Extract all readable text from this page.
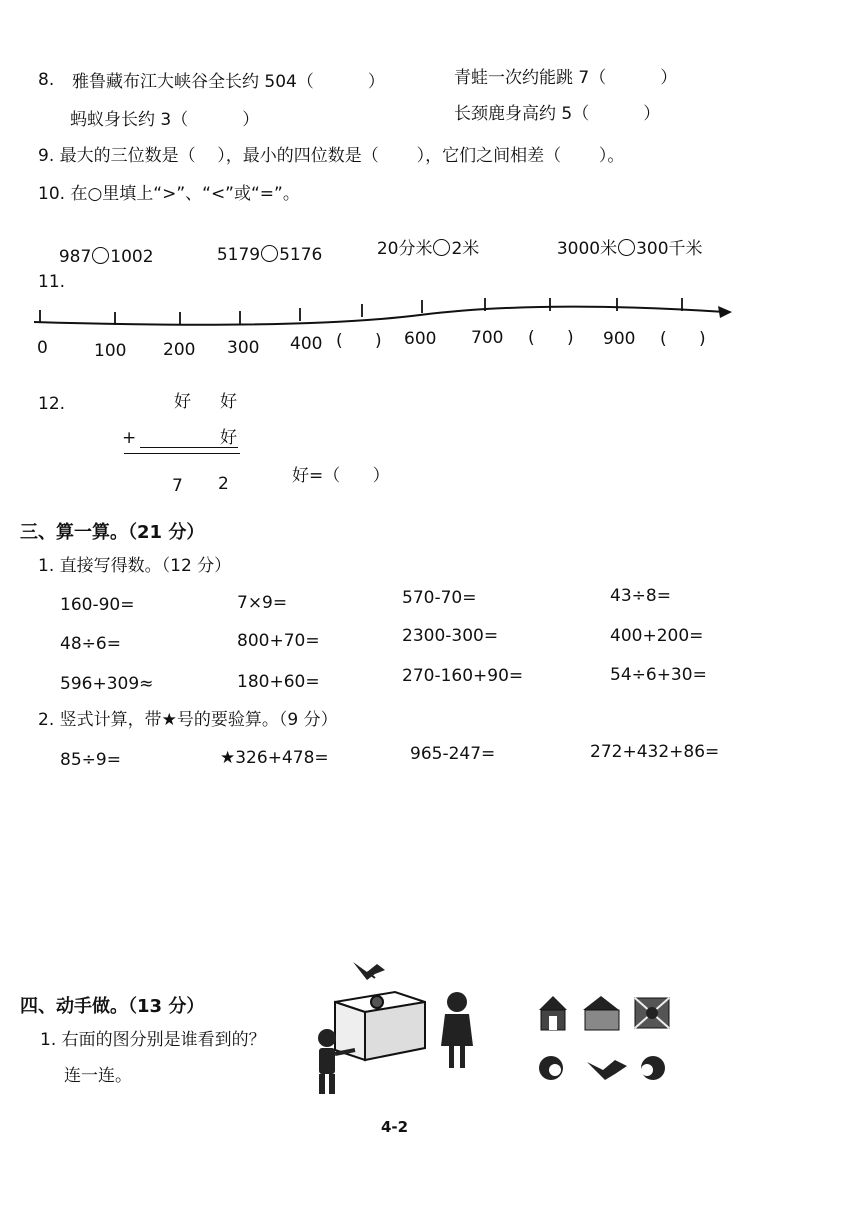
8. 雅鲁藏布江大峡谷全长约 504（          ）	青蛙一次约能跳 7（          ）
蚂蚁身长约 3（          ）	长颈鹿身高约 5（          ）
9. 最大的三位数是（    ），最小的四位数是（       ），它们之间相差（       ）。
10. 在○里填上“>”、“<”或“=”。

987 1002	5179 5176	20分米 2米	3000米 300千米

11.
0	100 200 300 400 (      ) 600 700 (      ) 900 (      )
12.	好 好
+	好
7 2	好=（      ）
三、算一算。（21 分）
1. 直接写得数。（12 分）
160-90=	7×9=	570-70=	43÷8=
48÷6=	800+70=	2300-300=	400+200=
596+309≈	180+60=	270-160+90=	54÷6+30=
2. 竖式计算，带★号的要验算。（9 分）
85÷9=	★326+478=	965-247=	272+432+86=
四、动手做。（13 分）
1. 右面的图分别是谁看到的？
连一连。
4-2
